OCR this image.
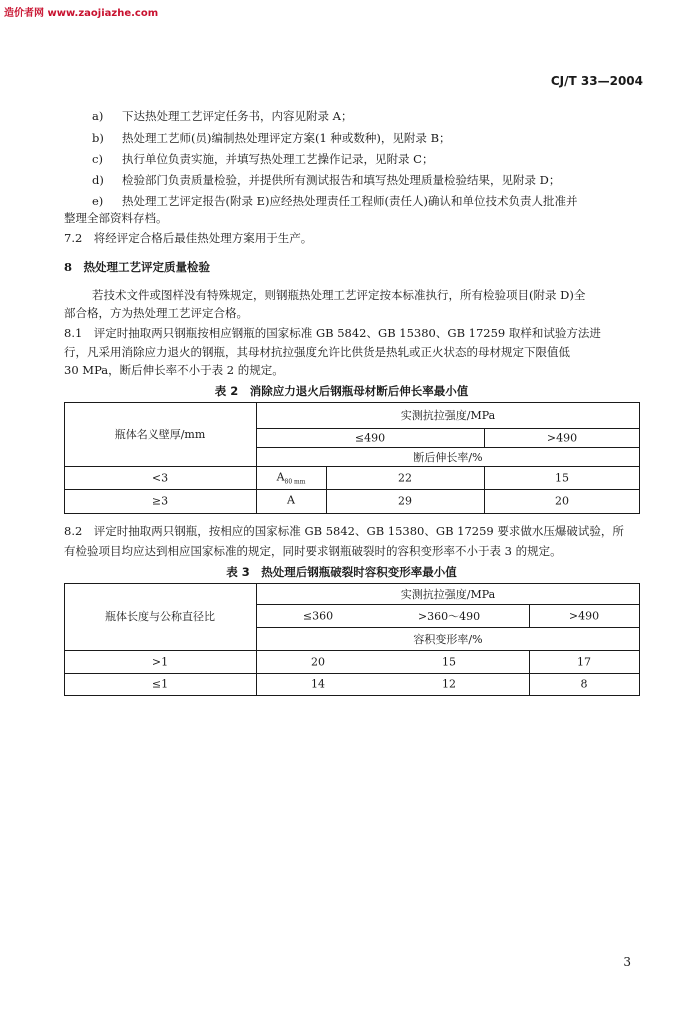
造价者网 www.zaojiazhe.com
CJ/T 33—2004
a) 下达热处理工艺评定任务书，内容见附录 A；
b) 热处理工艺师(员)编制热处理评定方案(1 种或数种)，见附录 B；
c) 执行单位负责实施，并填写热处理工艺操作记录，见附录 C；
d) 检验部门负责质量检验，并提供所有测试报告和填写热处理质量检验结果，见附录 D；
e) 热处理工艺评定报告(附录 E)应经热处理责任工程师(责任人)确认和单位技术负责人批准并
整理全部资料存档。
7.2　将经评定合格后最佳热处理方案用于生产。
8　热处理工艺评定质量检验
若技术文件或图样没有特殊规定，则钢瓶热处理工艺评定按本标准执行，所有检验项目(附录 D)全
部合格，方为热处理工艺评定合格。
8.1　评定时抽取两只钢瓶按相应钢瓶的国家标准 GB 5842、GB 15380、GB 17259 取样和试验方法进
行，凡采用消除应力退火的钢瓶，其母材抗拉强度允许比供货是热轧或正火状态的母材规定下限值低
30 MPa，断后伸长率不小于表 2 的规定。
表 2　消除应力退火后钢瓶母材断后伸长率最小值
瓶体名义壁厚/mm
实测抗拉强度/MPa
≤490	>490
断后伸长率/%
<3	$A_{80 mm}$	22	15
≥3	A	29	20
8.2　评定时抽取两只钢瓶，按相应的国家标准 GB 5842、GB 15380、GB 17259 要求做水压爆破试验，所
有检验项目均应达到相应国家标准的规定，同时要求钢瓶破裂时的容积变形率不小于表 3 的规定。
表 3　热处理后钢瓶破裂时容积变形率最小值
瓶体长度与公称直径比
实测抗拉强度/MPa
≤360	>360～490	>490
容积变形率/%
>1	20	15	17
≤1	14	12	8
3
